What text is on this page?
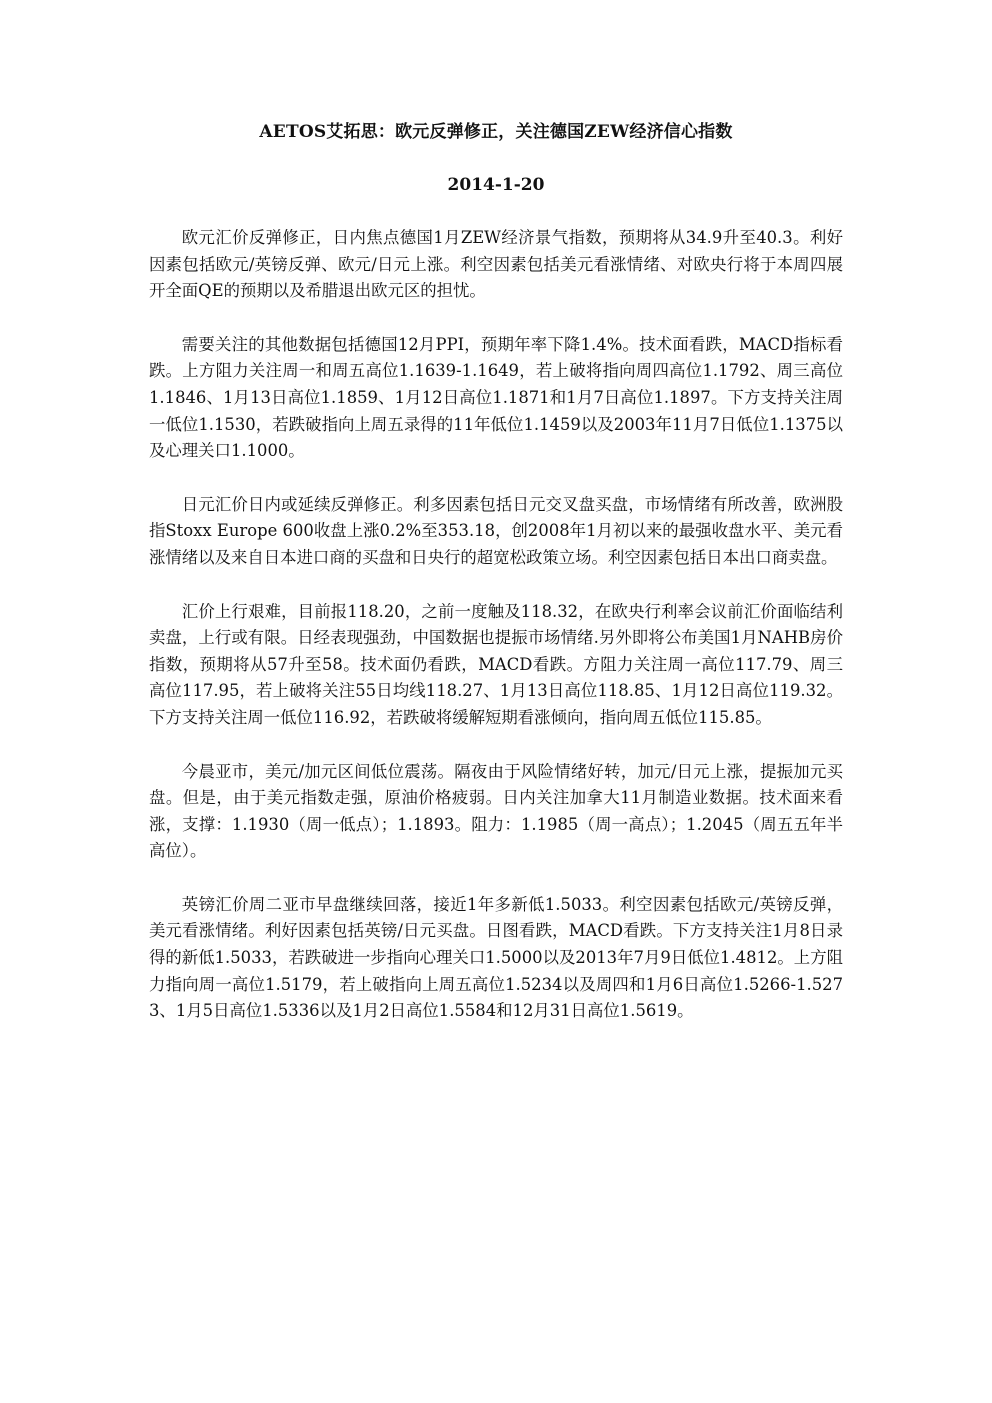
AETOS艾拓思：欧元反弹修正，关注德国ZEW经济信心指数
2014-1-20

欧元汇价反弹修正，日内焦点德国1月ZEW经济景气指数，预期将从34.9升至40.3。利好因素包括欧元/英镑反弹、欧元/日元上涨。利空因素包括美元看涨情绪、对欧央行将于本周四展开全面QE的预期以及希腊退出欧元区的担忧。

需要关注的其他数据包括德国12月PPI，预期年率下降1.4%。技术面看跌，MACD指标看跌。上方阻力关注周一和周五高位1.1639-1.1649，若上破将指向周四高位1.1792、周三高位1.1846、1月13日高位1.1859、1月12日高位1.1871和1月7日高位1.1897。下方支持关注周一低位1.1530，若跌破指向上周五录得的11年低位1.1459以及2003年11月7日低位1.1375以及心理关口1.1000。

日元汇价日内或延续反弹修正。利多因素包括日元交叉盘买盘，市场情绪有所改善，欧洲股指Stoxx Europe 600收盘上涨0.2%至353.18，创2008年1月初以来的最强收盘水平、美元看涨情绪以及来自日本进口商的买盘和日央行的超宽松政策立场。利空因素包括日本出口商卖盘。

汇价上行艰难，目前报118.20，之前一度触及118.32，在欧央行利率会议前汇价面临结利卖盘，上行或有限。日经表现强劲，中国数据也提振市场情绪.另外即将公布美国1月NAHB房价指数，预期将从57升至58。技术面仍看跌，MACD看跌。方阻力关注周一高位117.79、周三高位117.95，若上破将关注55日均线118.27、1月13日高位118.85、1月12日高位119.32。下方支持关注周一低位116.92，若跌破将缓解短期看涨倾向，指向周五低位115.85。

今晨亚市，美元/加元区间低位震荡。隔夜由于风险情绪好转，加元/日元上涨，提振加元买盘。但是，由于美元指数走强，原油价格疲弱。日内关注加拿大11月制造业数据。技术面来看涨，支撑：1.1930（周一低点）；1.1893。阻力：1.1985（周一高点）；1.2045（周五五年半高位）。

英镑汇价周二亚市早盘继续回落，接近1年多新低1.5033。利空因素包括欧元/英镑反弹，美元看涨情绪。利好因素包括英镑/日元买盘。日图看跌，MACD看跌。下方支持关注1月8日录得的新低1.5033，若跌破进一步指向心理关口1.5000以及2013年7月9日低位1.4812。上方阻力指向周一高位1.5179，若上破指向上周五高位1.5234以及周四和1月6日高位1.5266-1.5273、1月5日高位1.5336以及1月2日高位1.5584和12月31日高位1.5619。
